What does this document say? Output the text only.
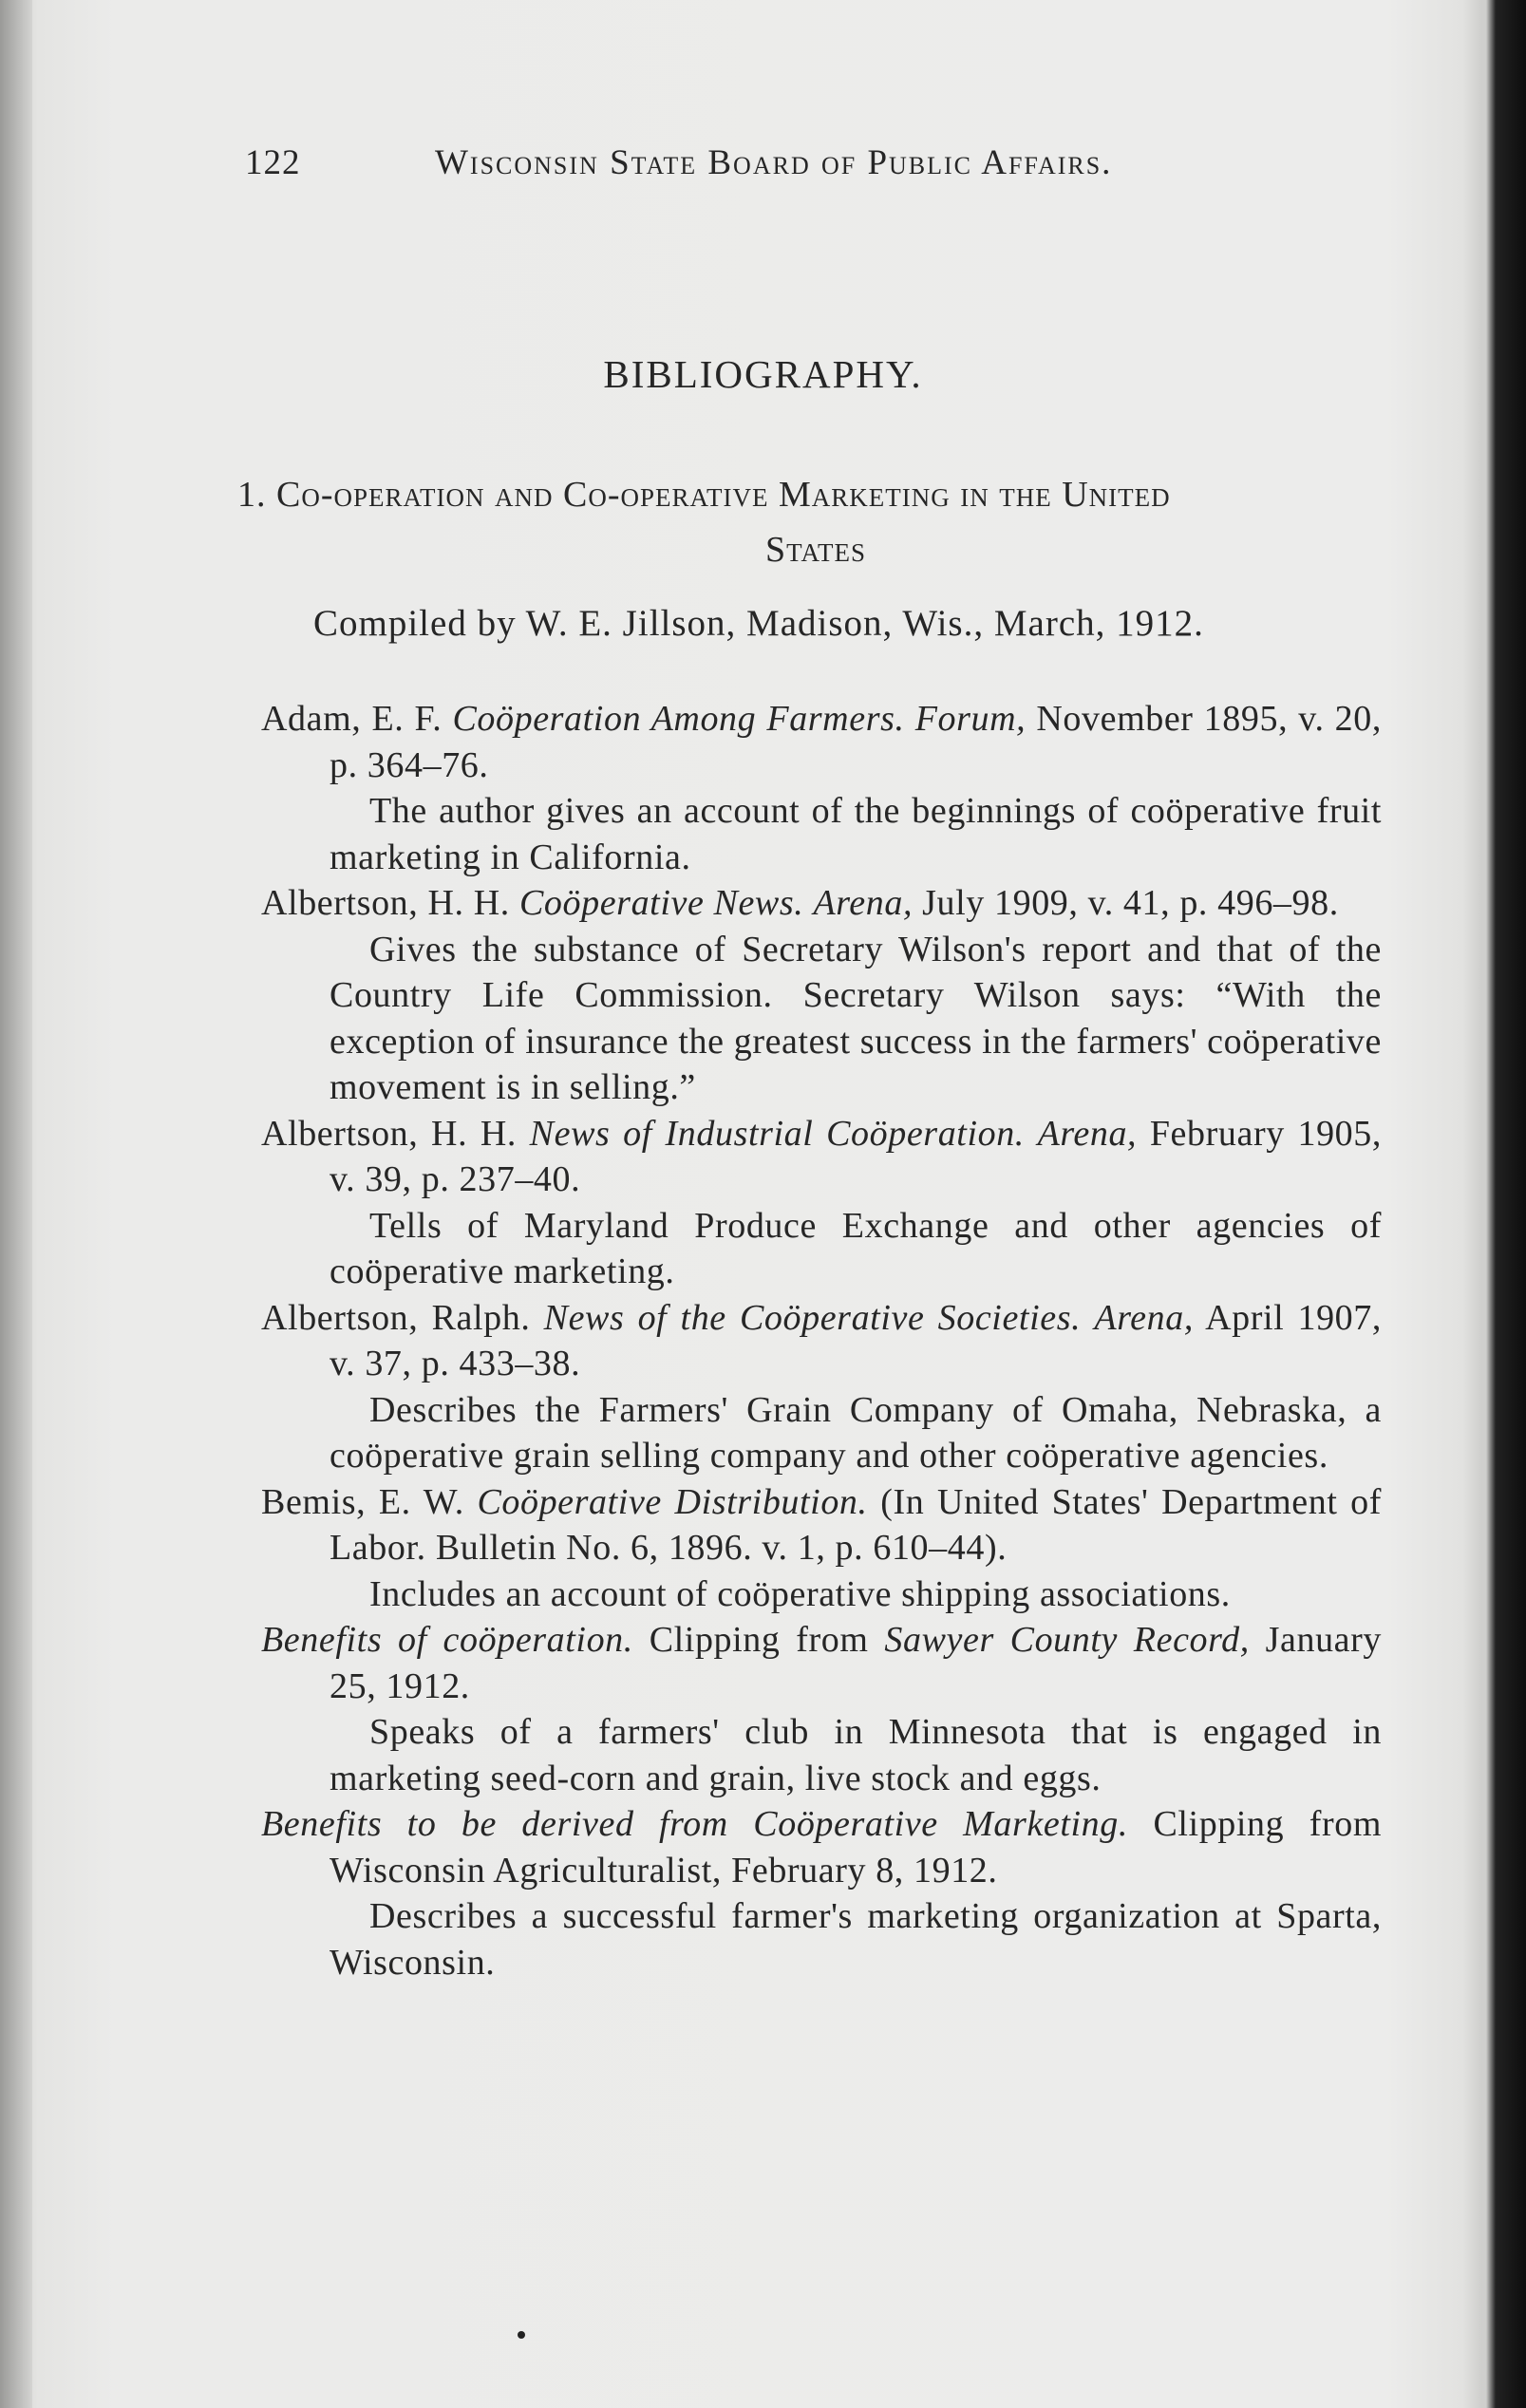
122	Wisconsin State Board of Public Affairs.
BIBLIOGRAPHY.
1. Co-operation and Co-operative Marketing in the United
States
Compiled by W. E. Jillson, Madison, Wis., March, 1912.

Adam, E. F. Coöperation Among Farmers. Forum, November 1895, v. 20, p. 364–76.

The author gives an account of the beginnings of coöperative fruit marketing in California.

Albertson, H. H. Coöperative News. Arena, July 1909, v. 41, p. 496–98.

Gives the substance of Secretary Wilson's report and that of the Country Life Commission. Secretary Wilson says: “With the exception of insurance the greatest success in the farmers' coöperative movement is in selling.”

Albertson, H. H. News of Industrial Coöperation. Arena, February 1905, v. 39, p. 237–40.

Tells of Maryland Produce Exchange and other agencies of coöperative marketing.

Albertson, Ralph. News of the Coöperative Societies. Arena, April 1907, v. 37, p. 433–38.

Describes the Farmers' Grain Company of Omaha, Nebraska, a coöperative grain selling company and other coöperative agencies.

Bemis, E. W. Coöperative Distribution. (In United States' Department of Labor. Bulletin No. 6, 1896. v. 1, p. 610–44).

Includes an account of coöperative shipping associations.

Benefits of coöperation. Clipping from Sawyer County Record, January 25, 1912.

Speaks of a farmers' club in Minnesota that is engaged in marketing seed-corn and grain, live stock and eggs.

Benefits to be derived from Coöperative Marketing. Clipping from Wisconsin Agriculturalist, February 8, 1912.

Describes a successful farmer's marketing organization at Sparta, Wisconsin.
